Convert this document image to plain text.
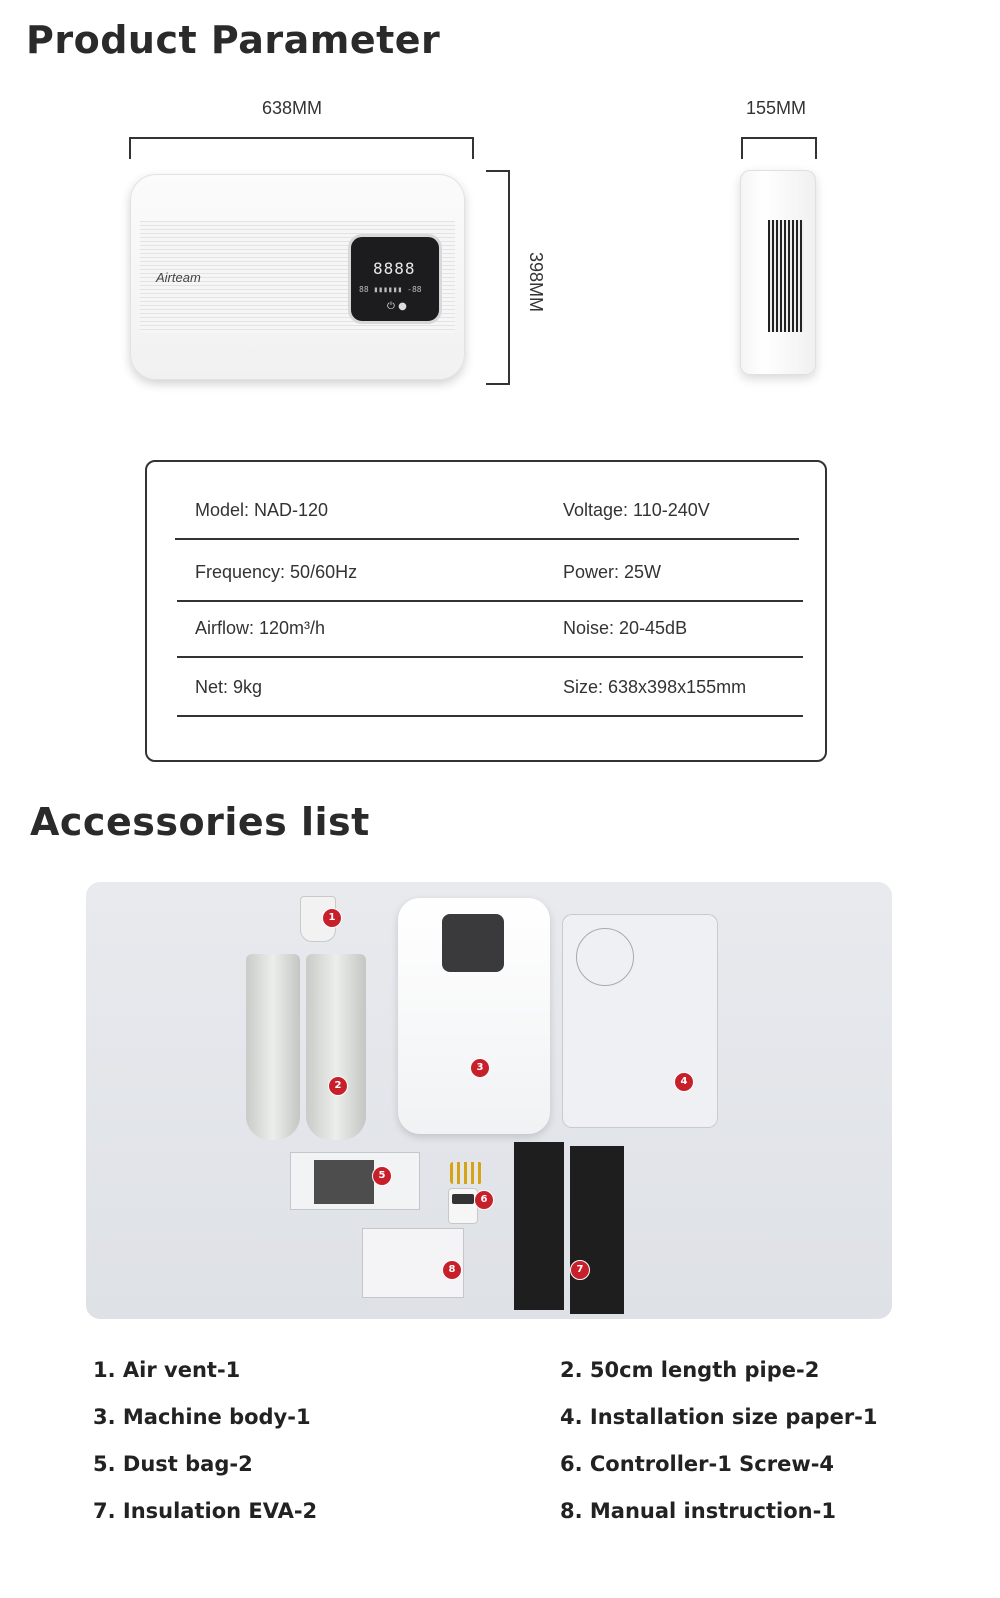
Product Parameter
638MM	155MM
398MM
Airteam	8888
88 ▮▮▮▮▮▮ -88
⏻ ●
Model: NAD-120	Voltage: 110-240V
Frequency: 50/60Hz	Power: 25W
Airflow: 120m³/h	Noise: 20-45dB
Net: 9kg	Size: 638x398x155mm
Accessories list
1
2
3
4
5
6
7
8
1. Air vent-1	2. 50cm length pipe-2
3. Machine body-1	4. Installation size paper-1
5. Dust bag-2	6. Controller-1 Screw-4
7. Insulation EVA-2	8. Manual instruction-1
